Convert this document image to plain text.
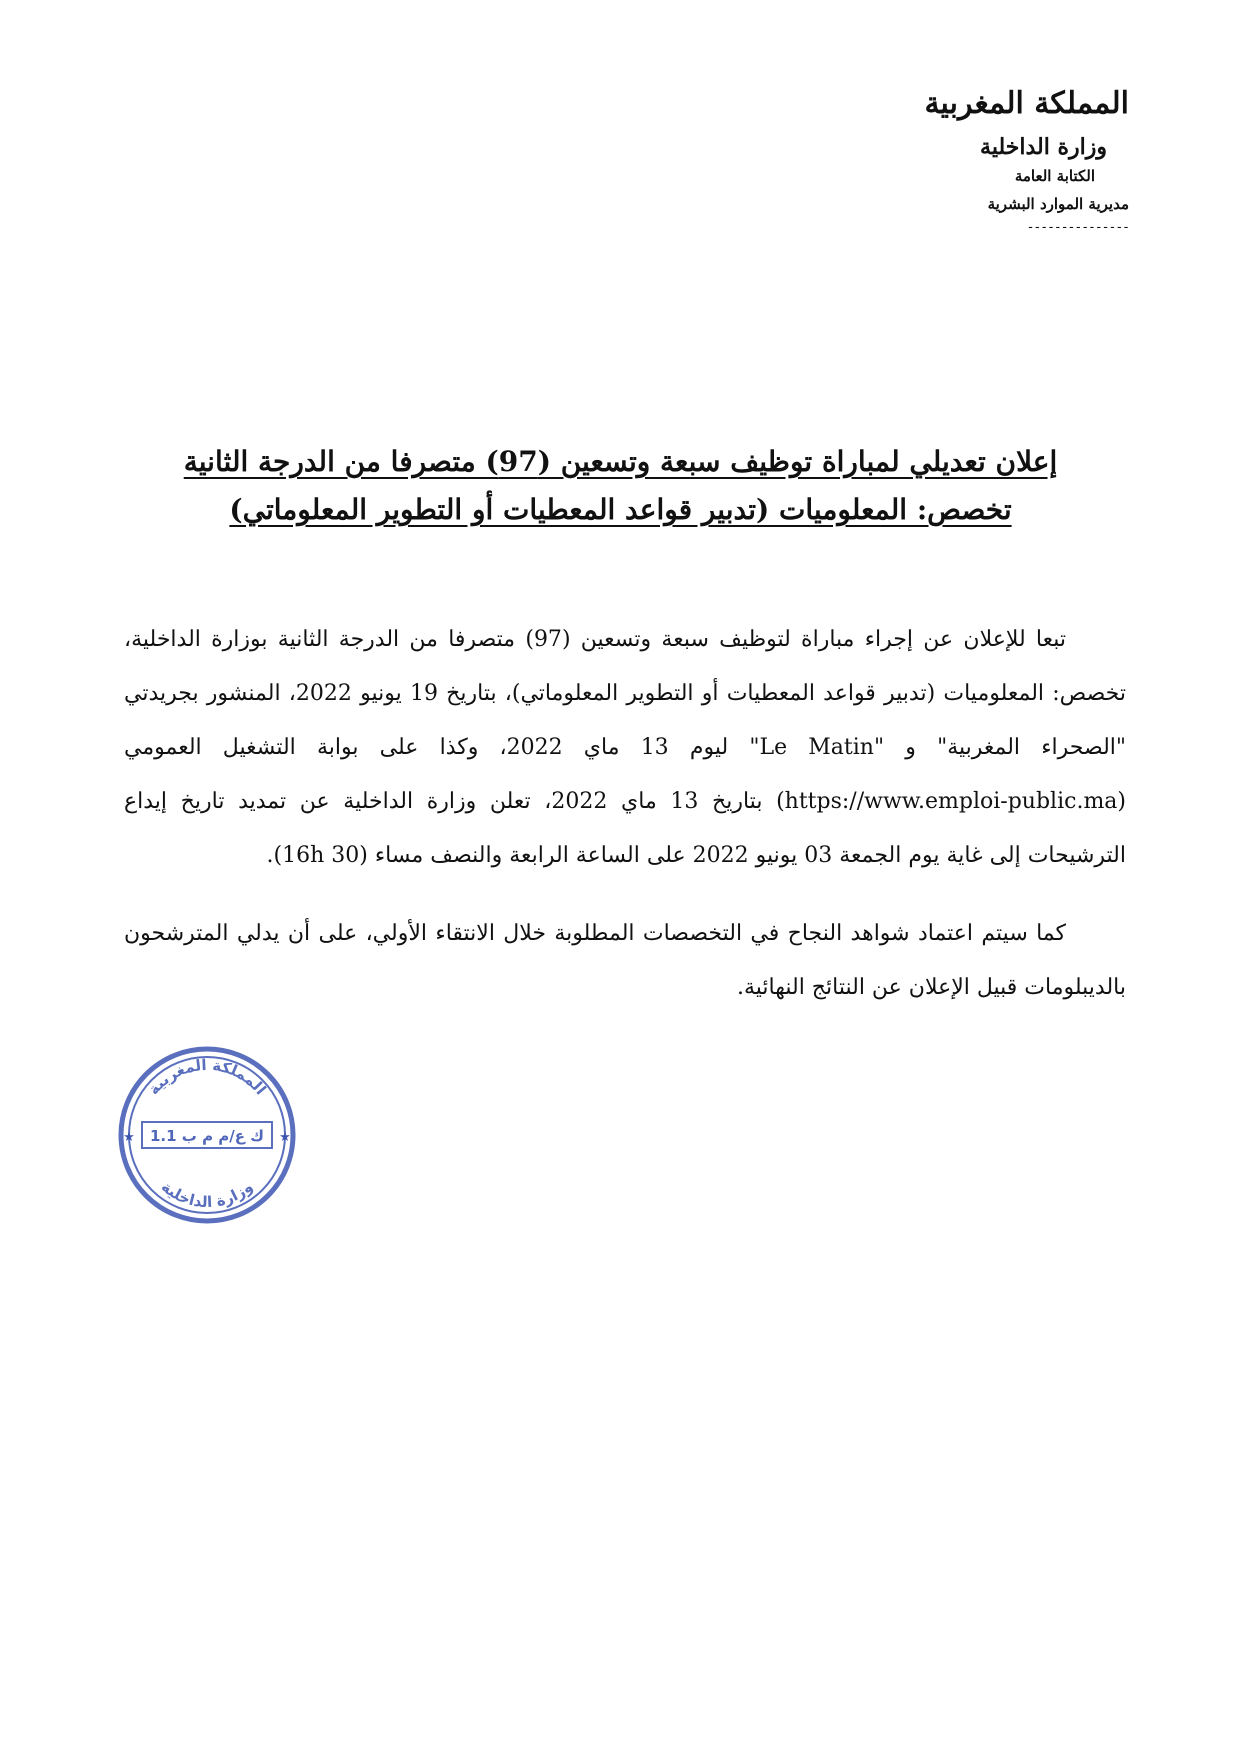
المملكة المغربية

وزارة الداخلية

الكتابة العامة

مديرية الموارد البشرية

---------------

إعلان تعديلي لمباراة توظيف سبعة وتسعين (97) متصرفا من الدرجة الثانية
تخصص: المعلوميات (تدبير قواعد المعطيات أو التطوير المعلوماتي)

تبعا للإعلان عن إجراء مباراة لتوظيف سبعة وتسعين (97) متصرفا من الدرجة الثانية بوزارة الداخلية، تخصص: المعلوميات (تدبير قواعد المعطيات أو التطوير المعلوماتي)، بتاريخ 19 يونيو 2022، المنشور بجريدتي "الصحراء المغربية" و "Le Matin" ليوم 13 ماي 2022، وكذا على بوابة التشغيل العمومي (https://www.emploi-public.ma) بتاريخ 13 ماي 2022، تعلن وزارة الداخلية عن تمديد تاريخ إيداع الترشيحات إلى غاية يوم الجمعة 03 يونيو 2022 على الساعة الرابعة والنصف مساء (16h 30).

كما سيتم اعتماد شواهد النجاح في التخصصات المطلوبة خلال الانتقاء الأولي، على أن يدلي المترشحون بالديبلومات قبيل الإعلان عن النتائج النهائية.

المملكة المغربية
وزارة الداخلية
ك ع/م م ب 1.1
★	★
